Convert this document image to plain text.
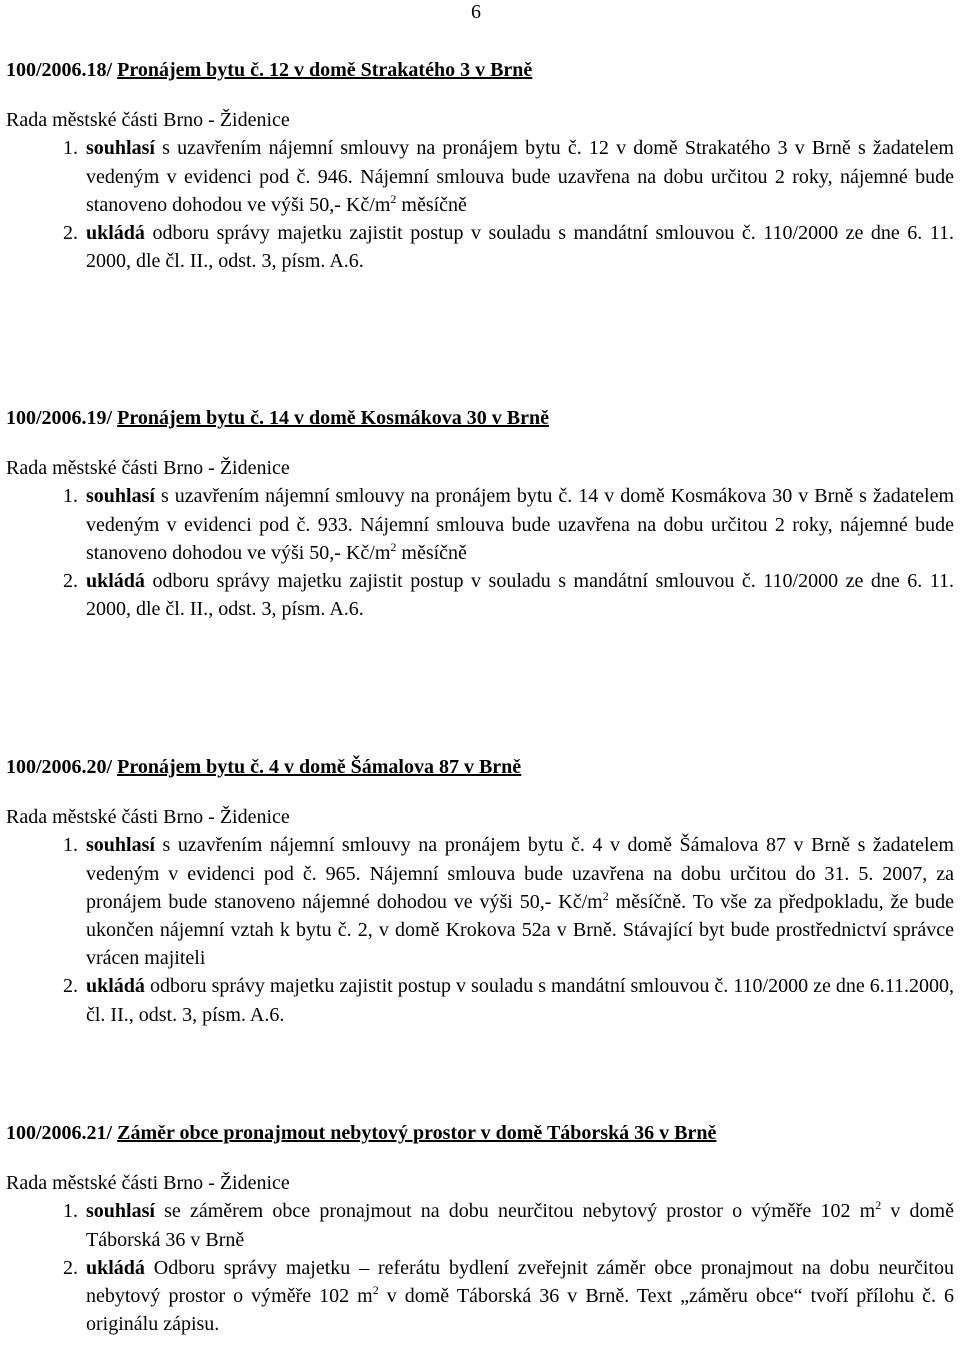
6

100/2006.18/ Pronájem bytu č. 12 v domě Strakatého 3 v Brně

Rada městské části Brno - Židenice

1. souhlasí s uzavřením nájemní smlouvy na pronájem bytu č. 12 v domě Strakatého 3 v Brně s žadatelem vedeným v evidenci pod č. 946. Nájemní smlouva bude uzavřena na dobu určitou 2 roky, nájemné bude stanoveno dohodou ve výši 50,- $Kč/m^2$ měsíčně
2. ukládá odboru správy majetku zajistit postup v souladu s mandátní smlouvou č. 110/2000 ze dne 6. 11. 2000, dle čl. II., odst. 3, písm. A.6.

100/2006.19/ Pronájem bytu č. 14 v domě Kosmákova 30 v Brně

Rada městské části Brno - Židenice

1. souhlasí s uzavřením nájemní smlouvy na pronájem bytu č. 14 v domě Kosmákova 30 v Brně s žadatelem vedeným v evidenci pod č. 933. Nájemní smlouva bude uzavřena na dobu určitou 2 roky, nájemné bude stanoveno dohodou ve výši 50,- $Kč/m^2$ měsíčně
2. ukládá odboru správy majetku zajistit postup v souladu s mandátní smlouvou č. 110/2000 ze dne 6. 11. 2000, dle čl. II., odst. 3, písm. A.6.

100/2006.20/ Pronájem bytu č. 4 v domě Šámalova 87 v Brně

Rada městské části Brno - Židenice

1. souhlasí s uzavřením nájemní smlouvy na pronájem bytu č. 4 v domě Šámalova 87 v Brně s žadatelem vedeným v evidenci pod č. 965. Nájemní smlouva bude uzavřena na dobu určitou do 31. 5. 2007, za pronájem bude stanoveno nájemné dohodou ve výši 50,- $Kč/m^2$ měsíčně. To vše za předpokladu, že bude ukončen nájemní vztah k bytu č. 2, v domě Krokova 52a v Brně. Stávající byt bude prostřednictví správce vrácen majiteli
2. ukládá odboru správy majetku zajistit postup v souladu s mandátní smlouvou č. 110/2000 ze dne 6.11.2000, čl. II., odst. 3, písm. A.6.

100/2006.21/ Záměr obce pronajmout nebytový prostor v domě Táborská 36 v Brně

Rada městské části Brno - Židenice

1. souhlasí se záměrem obce pronajmout na dobu neurčitou nebytový prostor o výměře 102 $m^2$ v domě Táborská 36 v Brně
2. ukládá Odboru správy majetku – referátu bydlení zveřejnit záměr obce pronajmout na dobu neurčitou nebytový prostor o výměře 102 $m^2$ v domě Táborská 36 v Brně. Text „záměru obce“ tvoří přílohu č. 6 originálu zápisu.
